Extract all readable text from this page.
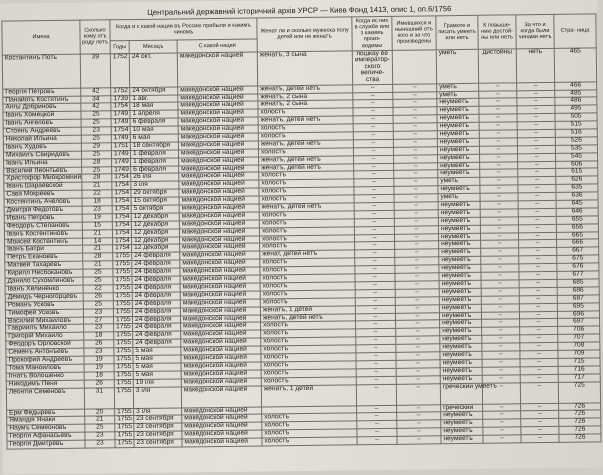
Центральний державний історичний архів УРСР — Киев Фонд 1413, опис 1, оп.6/1756
Имена	Сколько кому отъ роду летъ	Когда и с какой нации въ Россию прибыли и какимъ чиномъ			Женат ли и сколько мужеска полу детей или не женатъ	Когда ис них в службе или з какимъ произ- водимы	Имевшихся и нынешний отъ кого и за что произведены	Грамоте и писать умеетъ или нетъ	К повыше- нию достой- ны или нетъ	За что и когда были чинами нетъ	Стра- ница
		Годы	Мисацъ	С какой нации							
Костантинъ Поть	39	1752	24 окт.	македонской нацией	женатъ, 3 сына	пошкау ее император- ского величе- ства		уметь	дистойны	неть	465
Георгiя Петровъ	42	1752	24 октября	македонской нацией	женатъ, детей нетъ	–	–	уметь	–	–	466
Панайоть Костятинъ	34	1739	1 авг.	македонской нацией	женатъ, 2 сына	–	–	уметь	–	–	485
Ангы Добриновъ	42	1754	18 мая	македонской нацией	женатъ, 2 сына	–	–	неумеетъ	–	–	486
Iванъ Хомецкой	25	1749	1 апреля	македонской нацией	холостъ	–	–	неумеетъ	–	–	495
Iванъ Ангеловъ	25	1749	6 февраля	македонской нацией	женатъ, детей нетъ	–	–	неумеетъ	–	–	505
Стоянъ Андреевъ	23	1754	10 мая	македонской нацией	холостъ	–	–	неумеетъ	–	–	515
Николай Ильина	25	1749	6 мая	македонской нацией	холостъ	–	–	неумеетъ	–	–	516
Iванъ Худовъ	29	1751	18 сентября	македонской нацией	женатъ, детей нетъ	–	–	неумеетъ	–	–	526
Михаилъ Свиридовъ	25	1749	1 февраля	македонской нацией	холостъ	–	–	неумеетъ	–	–	535
Iванъ Ильина	28	1749	1 февраля	македонской нацией	женатъ, детей нетъ	–	–	неумеетъ	–	–	545
Василий Леонтьевъ	25	1749	6 февраля	македонской нацией	женатъ, детей нетъ	–	–	неумеетъ	–	–	606
Христофор Миокромний	28	1754	26 iля	македонской нацией	холостъ	–	–	неумеетъ	–	–	615
Iванъ Шараевской	21	1754	3 iля	македонской нацией	холостъ	–	–	уметь	–	–	626
Сава Мокреевъ	22	1754	29 октября	македонской нацией	холостъ	–	–	неумеетъ	–	–	635
Костентинъ Ачеловъ	18	1754	15 октября	македонской нацией	холостъ	–	–	уметь	–	–	636
Дмитрiй Федотовъ	23	1754	5 октября	македонской нацией	женатъ, детей нетъ	–	–	неумеетъ	–	–	645
Иванъ Петровъ	19	1754	12 декабря	македонской нацией	холостъ	–	–	неумеетъ	–	–	646
Феодоръ Степановъ	15	1754	12 декабря	македонской нацией	холостъ	–	–	неумеетъ	–	–	655
Iванъ Костентиновъ	21	1754	12 декабря	македонской нацией	холостъ	–	–	неумеетъ	–	–	656
Моисей Костентинъ	14	1754	12 декабря	македонской нацией	холостъ	–	–	неумеетъ	–	–	665
Iванъ Батри	21	1754	12 декабря	македонской нацией	холостъ	–	–	неумеетъ	–	–	666
Петръ Еканоевъ	28	1755	24 февраля	македонской нацией	женат, детей нетъ	–	–	неумеетъ	–	–	667
Матвей Тахаревъ	21	1755	24 февраля	македонской нацией	холостъ	–	–	неумеетъ	–	–	675
Кирилл Несбокановъ	25	1755	24 февраля	македонской нацией	холостъ	–	–	неумеетъ	–	–	676
Данило Сухомлиновъ	25	1755	24 февраля	македонской нацией	холостъ	–	–	неумеетъ	–	–	677
Iванъ Хелиненко	22	1755	24 февраля	македонской нацией	холостъ	–	–	неумеетъ	–	–	685
Демидъ Черногорцевъ	26	1755	24 февраля	македонской нацией	холостъ	–	–	неумеетъ	–	–	686
Романъ Усковъ	25	1755	24 февраля	македонской нацией	холостъ	–	–	неумеетъ	–	–	687
Тимофей Усковъ	23	1755	24 февраля	македонской нацией	женатъ, 1 детей	–	–	неумеетъ	–	–	695
Василий Михаиловъ	27	1755	24 февраля	македонской нацией	женатъ, детей нетъ	–	–	неумеетъ	–	–	696
Гавриилъ Михаило	23	1755	24 февраля	македонской нацией	холостъ	–	–	неумеетъ	–	–	697
Григорiй Михаило	18	1755	24 февраля	македонской нацией	холостъ	–	–	неумеетъ	–	–	706
Феодоръ Орловской	26	1755	24 февраля	македонской нацией	холостъ	–	–	неумеетъ	–	–	707
Семенъ Антонъевъ	23	1755	5 мая	македонской нацией	холостъ	–	–	неумеетъ	–	–	708
Прокофий Андреевъ	19	1755	5 мая	македонской нацией	холостъ	–	–	неумеетъ	–	–	709
Тома Маноиловъ	19	1755	5 мая	македонской нацией	холостъ	–	–	неумеетъ	–	–	715
Iгнатъ Волошенко	18	1755	5 мая	македонской нацией	холостъ	–	–	неумеетъ	–	–	716
Никодимъ Пеня	26	1755	19 iля	македонской нацией	холостъ	–	–	неумеетъ	–	–	717
Леонтiя Семеновъ	31	1755	3 iля	македонской нацией	женатъ, 1 детей	–	–	греческии умеетъ	–	–	725
Ерм Федыревъ	20	1755	3 iля	македонской нацией		–	–	греческии	–	–	726
Ямандiя Янаки	21	1755	23 сентября	македонской нацией	холостъ	–	–	неумеетъ	–	–	726
Наумъ Семеоновъ	25	1755	23 сентября	македонской нацией	холостъ	–	–	неумеетъ	–	–	726
Георгiя Афанасьевъ	23	1755	23 сентября	македонской нацией	холостъ	–	–	неумеетъ	–	–	726
Георгiя Дмитревъ	23	1755	23 сентября	македонской нацией	холостъ	–	–	неумеетъ	–	–	726
